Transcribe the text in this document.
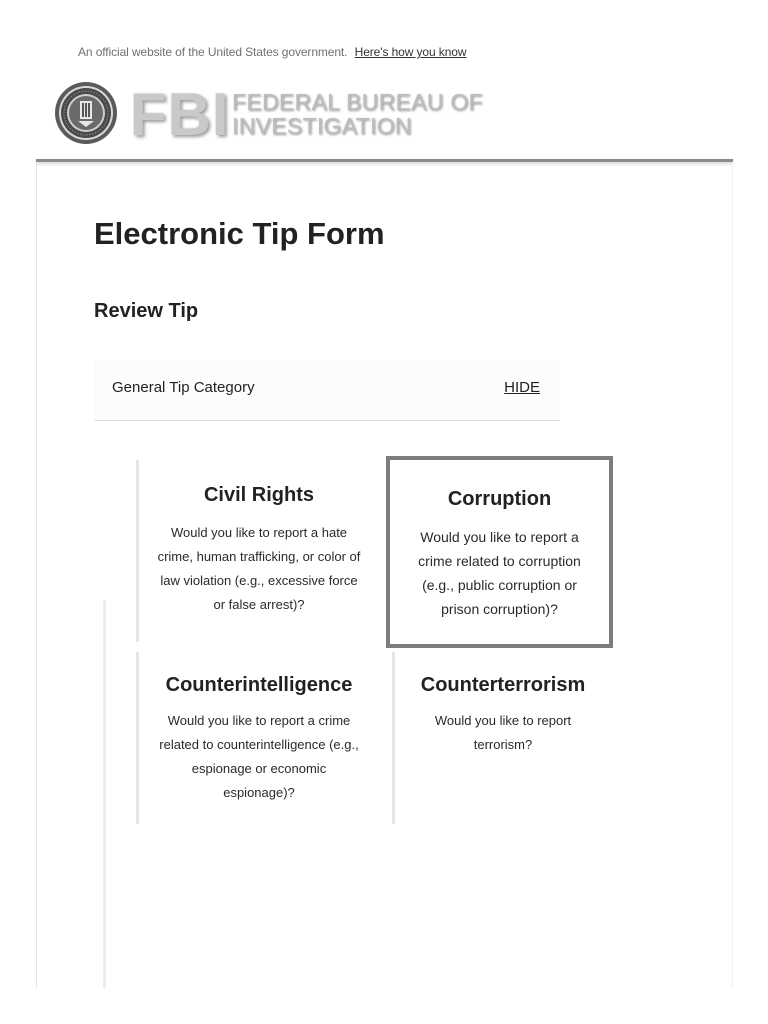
An official website of the United States government. Here's how you know
FBI FEDERAL BUREAU OF
INVESTIGATION
Electronic Tip Form
Review Tip
General Tip Category	HIDE

Civil Rights

Would you like to report a hate crime, human trafficking, or color of law violation (e.g., excessive force or false arrest)?

Corruption

Would you like to report a crime related to corruption (e.g., public corruption or prison corruption)?

Counterintelligence

Would you like to report a crime related to counterintelligence (e.g., espionage or economic espionage)?

Counterterrorism

Would you like to report terrorism?
